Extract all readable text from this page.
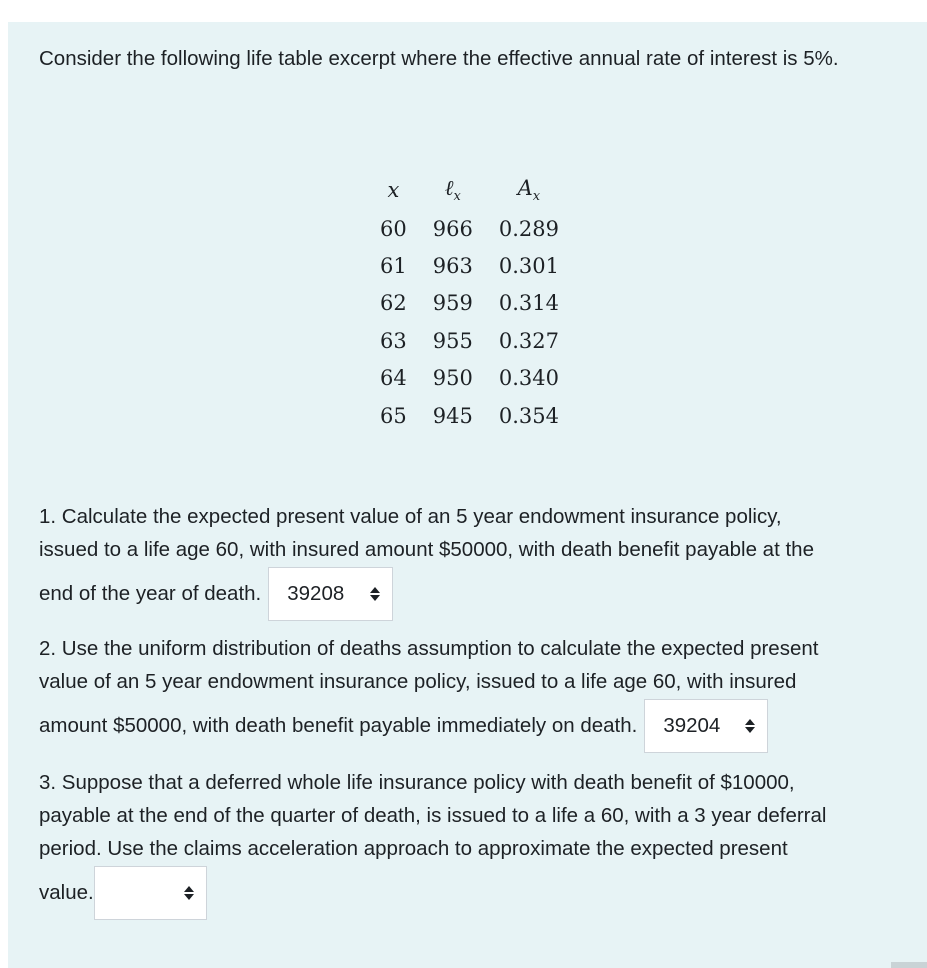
Consider the following life table excerpt where the effective annual rate of interest is 5%.

x	ℓ$_x$	$A_x$
60	966	0.289
61	963	0.301
62	959	0.314
63	955	0.327
64	950	0.340
65	945	0.354
1. Calculate the expected present value of an 5 year endowment insurance policy,
issued to a life age 60, with insured amount $50000, with death benefit payable at the
end of the year of death. 39208
2. Use the uniform distribution of deaths assumption to calculate the expected present
value of an 5 year endowment insurance policy, issued to a life age 60, with insured
amount $50000, with death benefit payable immediately on death. 39204
3. Suppose that a deferred whole life insurance policy with death benefit of $10000,
payable at the end of the quarter of death, is issued to a life a 60, with a 3 year deferral
period. Use the claims acceleration approach to approximate the expected present
value.
